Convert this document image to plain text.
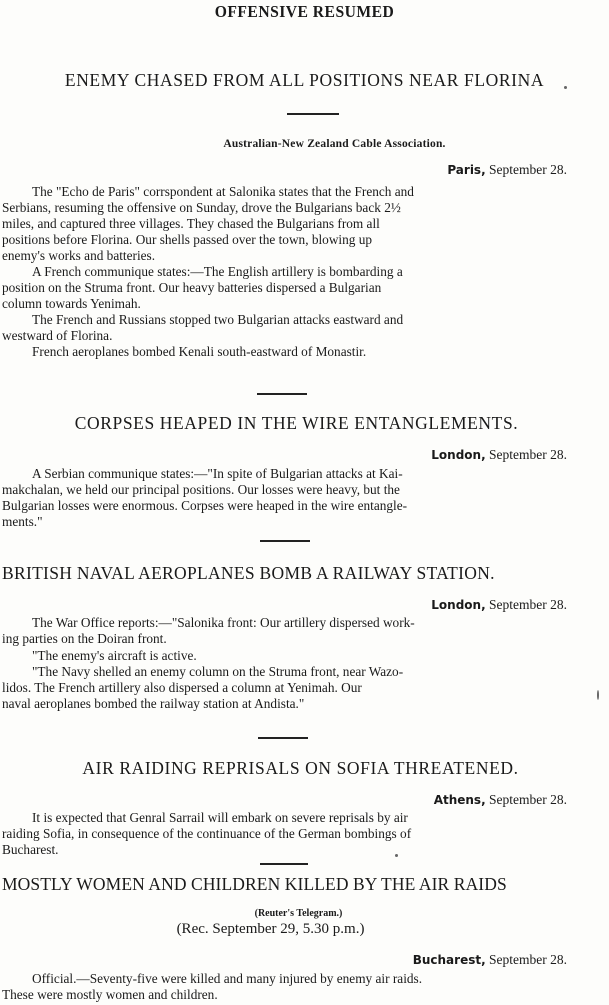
OFFENSIVE RESUMED
ENEMY CHASED FROM ALL POSITIONS NEAR FLORINA
Australian-New Zealand Cable Association.
Paris, September 28.
The "Echo de Paris" corrspondent at Salonika states that the French and
Serbians, resuming the offensive on Sunday, drove the Bulgarians back 2½
miles, and captured three villages. They chased the Bulgarians from all
positions before Florina. Our shells passed over the town, blowing up
enemy's works and batteries.
A French communique states:—The English artillery is bombarding a
position on the Struma front. Our heavy batteries dispersed a Bulgarian
column towards Yenimah.
The French and Russians stopped two Bulgarian attacks eastward and
westward of Florina.
French aeroplanes bombed Kenali south-eastward of Monastir.
CORPSES HEAPED IN THE WIRE ENTANGLEMENTS.
London, September 28.
A Serbian communique states:—"In spite of Bulgarian attacks at Kai-
makchalan, we held our principal positions. Our losses were heavy, but the
Bulgarian losses were enormous. Corpses were heaped in the wire entangle-
ments."
BRITISH NAVAL AEROPLANES BOMB A RAILWAY STATION.
London, September 28.
The War Office reports:—"Salonika front: Our artillery dispersed work-
ing parties on the Doiran front.
"The enemy's aircraft is active.
"The Navy shelled an enemy column on the Struma front, near Wazo-
lidos. The French artillery also dispersed a column at Yenimah. Our
naval aeroplanes bombed the railway station at Andista."
AIR RAIDING REPRISALS ON SOFIA THREATENED.
Athens, September 28.
It is expected that Genral Sarrail will embark on severe reprisals by air
raiding Sofia, in consequence of the continuance of the German bombings of
Bucharest.
MOSTLY WOMEN AND CHILDREN KILLED BY THE AIR RAIDS
(Reuter's Telegram.)
(Rec. September 29, 5.30 p.m.)
Bucharest, September 28.
Official.—Seventy-five were killed and many injured by enemy air raids.
These were mostly women and children.
